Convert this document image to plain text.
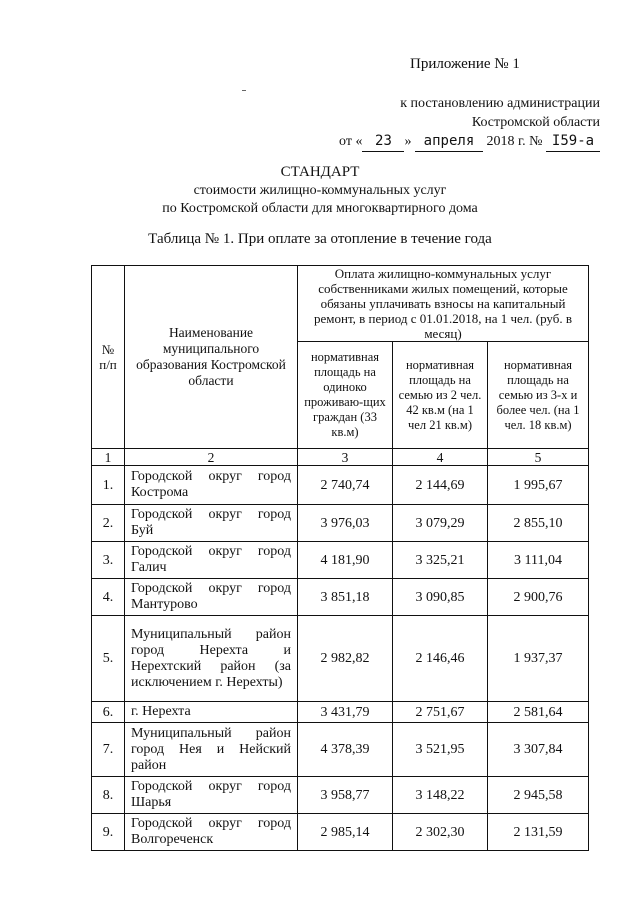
Приложение № 1
к постановлению администрации
Костромской области
от « 23 » апреля 2018 г. № I59-а
СТАНДАРТ
стоимости жилищно-коммунальных услуг
по Костромской области для многоквартирного дома
Таблица № 1. При оплате за отопление в течение года
№ п/п	Наименование муниципального образования Костромской области	Оплата жилищно-коммунальных услуг собственниками жилых помещений, которые обязаны уплачивать взносы на капитальный ремонт, в период с 01.01.2018, на 1 чел. (руб. в месяц)		
		нормативная площадь на одиноко проживаю-щих граждан (33 кв.м)	нормативная площадь на семью из 2 чел. 42 кв.м (на 1 чел 21 кв.м)	нормативная площадь на семью из 3-х и более чел. (на 1 чел. 18 кв.м)
1	2	3	4	5
1.	Городской округ город Кострома	2 740,74	2 144,69	1 995,67
2.	Городской округ город Буй	3 976,03	3 079,29	2 855,10
3.	Городской округ город Галич	4 181,90	3 325,21	3 111,04
4.	Городской округ город Мантурово	3 851,18	3 090,85	2 900,76
5.	Муниципальный район город Нерехта и Нерехтский район (за исключением г. Нерехты)	2 982,82	2 146,46	1 937,37
6.	г. Нерехта	3 431,79	2 751,67	2 581,64
7.	Муниципальный район город Нея и Нейский район	4 378,39	3 521,95	3 307,84
8.	Городской округ город Шарья	3 958,77	3 148,22	2 945,58
9.	Городской округ город Волгореченск	2 985,14	2 302,30	2 131,59
